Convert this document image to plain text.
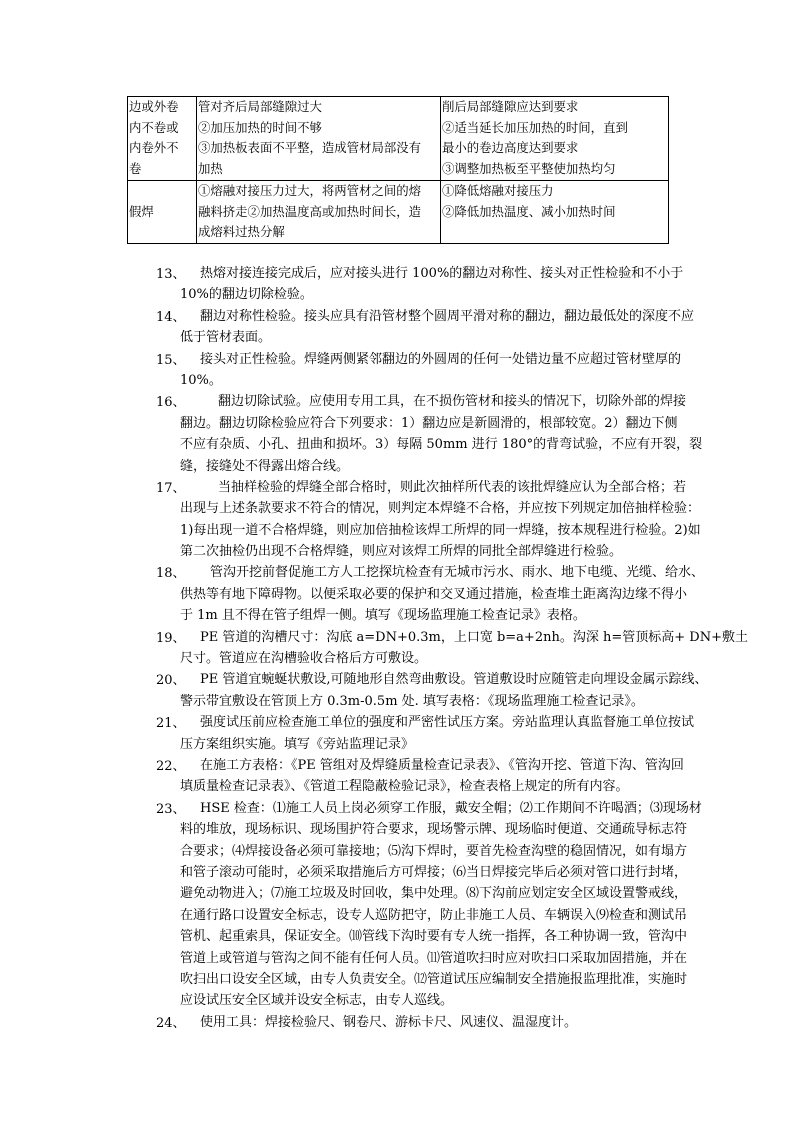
边或外卷
内不卷或
内卷外不
卷	管对齐后局部缝隙过大
②加压加热的时间不够
③加热板表面不平整，造成管材局部没有
加热	削后局部缝隙应达到要求
②适当延长加压加热的时间，直到
最小的卷边高度达到要求
③调整加热板至平整使加热均匀

假焊	①熔融对接压力过大，将两管材之间的熔
融料挤走②加热温度高或加热时间长，造
成熔料过热分解	①降低熔融对接压力
②降低加热温度、减小加热时间
13、	热熔对接连接完成后，应对接头进行 100%的翻边对称性、接头对正性检验和不小于
10%的翻边切除检验。
14、	翻边对称性检验。接头应具有沿管材整个圆周平滑对称的翻边，翻边最低处的深度不应
低于管材表面。
15、	接头对正性检验。焊缝两侧紧邻翻边的外圆周的任何一处错边量不应超过管材壁厚的
10%。
16、	翻边切除试验。应使用专用工具，在不损伤管材和接头的情况下，切除外部的焊接
翻边。翻边切除检验应符合下列要求：1）翻边应是新圆滑的，根部较宽。2）翻边下侧
不应有杂质、小孔、扭曲和损坏。3）每隔 50mm 进行 180°的背弯试验，不应有开裂，裂
缝，接缝处不得露出熔合线。
17、	当抽样检验的焊缝全部合格时，则此次抽样所代表的该批焊缝应认为全部合格；若
出现与上述条款要求不符合的情况，则判定本焊缝不合格，并应按下列规定加倍抽样检验：
1)每出现一道不合格焊缝，则应加倍抽检该焊工所焊的同一焊缝，按本规程进行检验。2)如
第二次抽检仍出现不合格焊缝，则应对该焊工所焊的同批全部焊缝进行检验。
18、	管沟开挖前督促施工方人工挖探坑检查有无城市污水、雨水、地下电缆、光缆、给水、
供热等有地下障碍物。以便采取必要的保护和交叉通过措施，检查堆土距离沟边缘不得小
于 1m 且不得在管子组焊一侧。填写《现场监理施工检查记录》表格。
19、	PE 管道的沟槽尺寸：沟底 a=DN+0.3m，上口宽 b=a+2nh。沟深 h=管顶标高+ DN+敷土
尺寸。管道应在沟槽验收合格后方可敷设。
20、	PE 管道宜蜿蜒状敷设,可随地形自然弯曲敷设。管道敷设时应随管走向埋设金属示踪线、
警示带宜敷设在管顶上方 0.3m-0.5m 处. 填写表格：《现场监理施工检查记录》。
21、	强度试压前应检查施工单位的强度和严密性试压方案。旁站监理认真监督施工单位按试
压方案组织实施。填写《旁站监理记录》
22、	在施工方表格：《PE 管组对及焊缝质量检查记录表》、《管沟开挖、管道下沟、管沟回
填质量检查记录表》、《管道工程隐蔽检验记录》，检查表格上规定的所有内容。
23、	HSE 检查：⑴施工人员上岗必须穿工作服，戴安全帽；⑵工作期间不许喝酒；⑶现场材
料的堆放，现场标识、现场围护符合要求，现场警示牌、现场临时便道、交通疏导标志符
合要求；⑷焊接设备必须可靠接地；⑸沟下焊时，要首先检查沟壁的稳固情况，如有塌方
和管子滚动可能时，必须采取措施后方可焊接；⑹当日焊接完毕后必须对管口进行封堵，
避免动物进入；⑺施工垃圾及时回收，集中处理。⑻下沟前应划定安全区域设置警戒线，
在通行路口设置安全标志，设专人巡防把守，防止非施工人员、车辆误入⑼检查和测试吊
管机、起重索具，保证安全。⑽管线下沟时要有专人统一指挥，各工种协调一致，管沟中
管道上或管道与管沟之间不能有任何人员。⑾管道吹扫时应对吹扫口采取加固措施，并在
吹扫出口设安全区域，由专人负责安全。⑿管道试压应编制安全措施报监理批准，实施时
应设试压安全区域并设安全标志，由专人巡线。
24、	使用工具：焊接检验尺、钢卷尺、游标卡尺、风速仪、温湿度计。
